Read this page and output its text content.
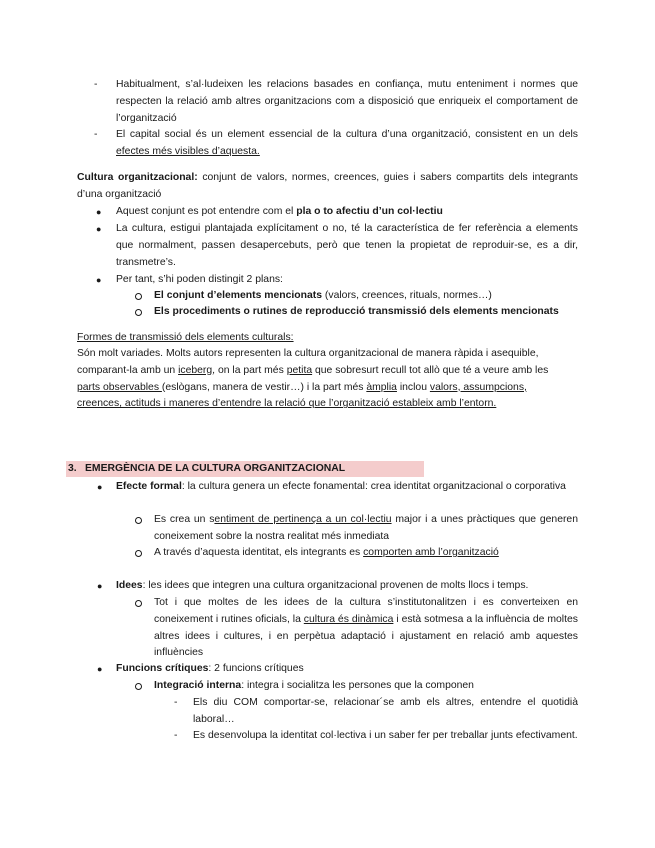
-	Habitualment, s’al·ludeixen les relacions basades en confiança, mutu enteniment i normes que respecten la relació amb altres organitzacions com a disposició que enriqueix el comportament de l’organització
-	El capital social és un element essencial de la cultura d’una organització, consistent en un dels efectes més visibles d’aquesta.
Cultura organitzacional: conjunt de valors, normes, creences, guies i sabers compartits dels integrants d’una organització
● Aquest conjunt es pot entendre com el pla o to afectiu d’un col·lectiu
● La cultura, estigui plantajada explícitament o no, té la característica de fer referència a elements que normalment, passen desapercebuts, però que tenen la propietat de reproduir-se, es a dir, transmetre’s.
● Per tant, s’hi poden distingit 2 plans:
El conjunt d’elements mencionats (valors, creences, rituals, normes…)
Els procediments o rutines de reproducció transmissió dels elements mencionats
Formes de transmissió dels elements culturals:
Són molt variades. Molts autors representen la cultura organitzacional de manera ràpida i asequible,
comparant-la amb un iceberg, on la part més petita que sobresurt recull tot allò que té a veure amb les
parts observables (eslògans, manera de vestir…) i la part més àmplia inclou valors, assumpcions,
creences, actituds i maneres d’entendre la relació que l’organització estableix amb l’entorn.
3. EMERGÈNCIA DE LA CULTURA ORGANITZACIONAL
● Efecte formal: la cultura genera un efecte fonamental: crea identitat organitzacional o corporativa
Es crea un sentiment de pertinença a un col·lectiu major i a unes pràctiques que generen coneixement sobre la nostra realitat més inmediata
A través d’aquesta identitat, els integrants es comporten amb l’organització
● Idees: les idees que integren una cultura organitzacional provenen de molts llocs i temps.
Tot i que moltes de les idees de la cultura s’institutonalitzen i es converteixen en coneixement i rutines oficials, la cultura és dinàmica i està sotmesa a la influència de moltes altres idees i cultures, i en perpètua adaptació i ajustament en relació amb aquestes influències
● Funcions crítiques: 2 funcions crítiques
Integració interna: integra i socialitza les persones que la componen
-	Els diu COM comportar-se, relacionar´se amb els altres, entendre el quotidià laboral…
-	Es desenvolupa la identitat col·lectiva i un saber fer per treballar junts efectivament.
